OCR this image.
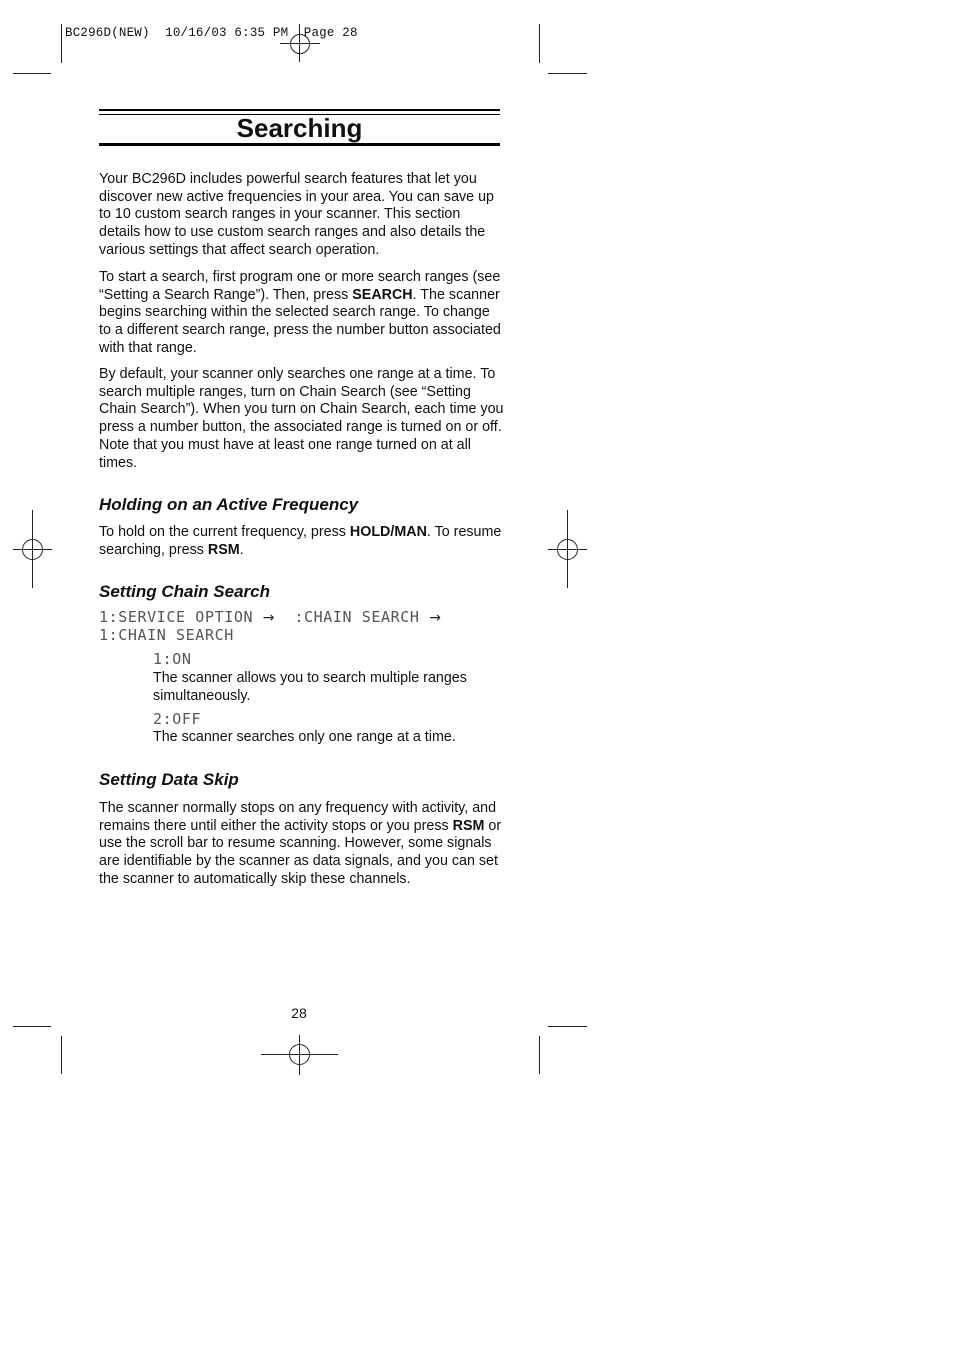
BC296D(NEW)  10/16/03 6:35 PM  Page 28
Searching
Your BC296D includes powerful search features that let you discover new active frequencies in your area. You can save up to 10 custom search ranges in your scanner. This section details how to use custom search ranges and also details the various settings that affect search operation.
To start a search, first program one or more search ranges (see “Setting a Search Range”). Then, press SEARCH. The scanner begins searching within the selected search range. To change to a different search range, press the number button associated with that range.
By default, your scanner only searches one range at a time. To search multiple ranges, turn on Chain Search (see “Setting Chain Search”). When you turn on Chain Search, each time you press a number button, the associated range is turned on or off. Note that you must have at least one range turned on at all times.
Holding on an Active Frequency
To hold on the current frequency, press HOLD/MAN. To resume searching, press RSM.
Setting Chain Search
1:SERVICE OPTION → :CHAIN SEARCH →
1:CHAIN SEARCH
1:ON
The scanner allows you to search multiple ranges simultaneously.
2:OFF
The scanner searches only one range at a time.
Setting Data Skip
The scanner normally stops on any frequency with activity, and remains there until either the activity stops or you press RSM or use the scroll bar to resume scanning. However, some signals are identifiable by the scanner as data signals, and you can set the scanner to automatically skip these channels.
28
